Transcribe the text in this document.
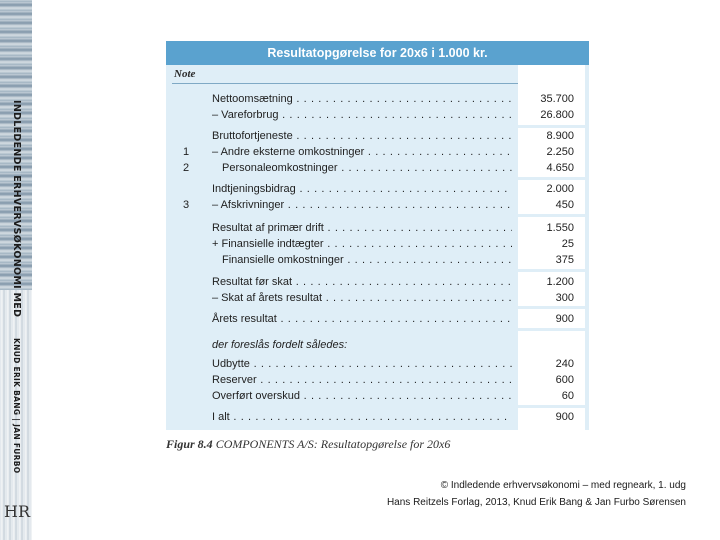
INDLEDENDE ERHVERVSØKONOMI MED
KNUD ERIK BANG | JAN FURBO
HR
Resultatopgørelse for 20x6 i 1.000 kr.
Note
Nettoomsætning . . .	35.700
– Vareforbrug . . .	26.800
Bruttofortjeneste . . .	8.900
1	– Andre eksterne omkostninger . . .	2.250
2	Personaleomkostninger . . .	4.650
Indtjeningsbidrag . . .	2.000
3	– Afskrivninger . . .	450
Resultat af primær drift . . .	1.550
+ Finansielle indtægter . . .	25
Finansielle omkostninger . . .	375
Resultat før skat . . .	1.200
– Skat af årets resultat . . .	300
Årets resultat . . .	900
der foreslås fordelt således:
Udbytte . . .	240
Reserver . . .	600
Overført overskud . . .	60
I alt . . .	900
Figur 8.4 COMPONENTS A/S: Resultatopgørelse for 20x6
© Indledende erhvervsøkonomi – med regneark, 1. udg
Hans Reitzels Forlag, 2013, Knud Erik Bang & Jan Furbo Sørensen
